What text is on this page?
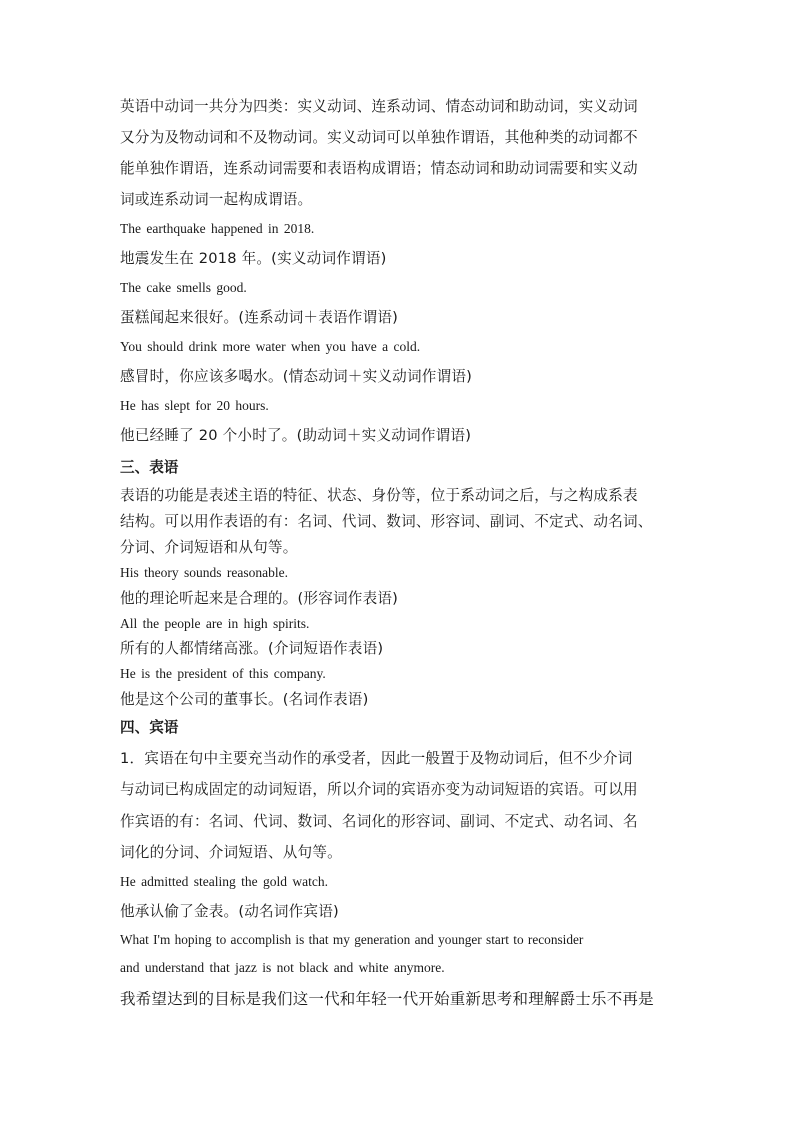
英语中动词一共分为四类：实义动词、连系动词、情态动词和助动词，实义动词
又分为及物动词和不及物动词。实义动词可以单独作谓语，其他种类的动词都不
能单独作谓语，连系动词需要和表语构成谓语；情态动词和助动词需要和实义动
词或连系动词一起构成谓语。
The earthquake happened in 2018.
地震发生在 2018 年。(实义动词作谓语)
The cake smells good.
蛋糕闻起来很好。(连系动词＋表语作谓语)
You should drink more water when you have a cold.
感冒时，你应该多喝水。(情态动词＋实义动词作谓语)
He has slept for 20 hours.
他已经睡了 20 个小时了。(助动词＋实义动词作谓语)
三、表语
表语的功能是表述主语的特征、状态、身份等，位于系动词之后，与之构成系表
结构。可以用作表语的有：名词、代词、数词、形容词、副词、不定式、动名词、
分词、介词短语和从句等。
His theory sounds reasonable.
他的理论听起来是合理的。(形容词作表语)
All the people are in high spirits.
所有的人都情绪高涨。(介词短语作表语)
He is the president of this company.
他是这个公司的董事长。(名词作表语)
四、宾语
1．宾语在句中主要充当动作的承受者，因此一般置于及物动词后，但不少介词
与动词已构成固定的动词短语，所以介词的宾语亦变为动词短语的宾语。可以用
作宾语的有：名词、代词、数词、名词化的形容词、副词、不定式、动名词、名
词化的分词、介词短语、从句等。
He admitted stealing the gold watch.
他承认偷了金表。(动名词作宾语)
What I'm hoping to accomplish is that my generation and younger start to reconsider
and understand that jazz is not black and white anymore.
我希望达到的目标是我们这一代和年轻一代开始重新思考和理解爵士乐不再是
